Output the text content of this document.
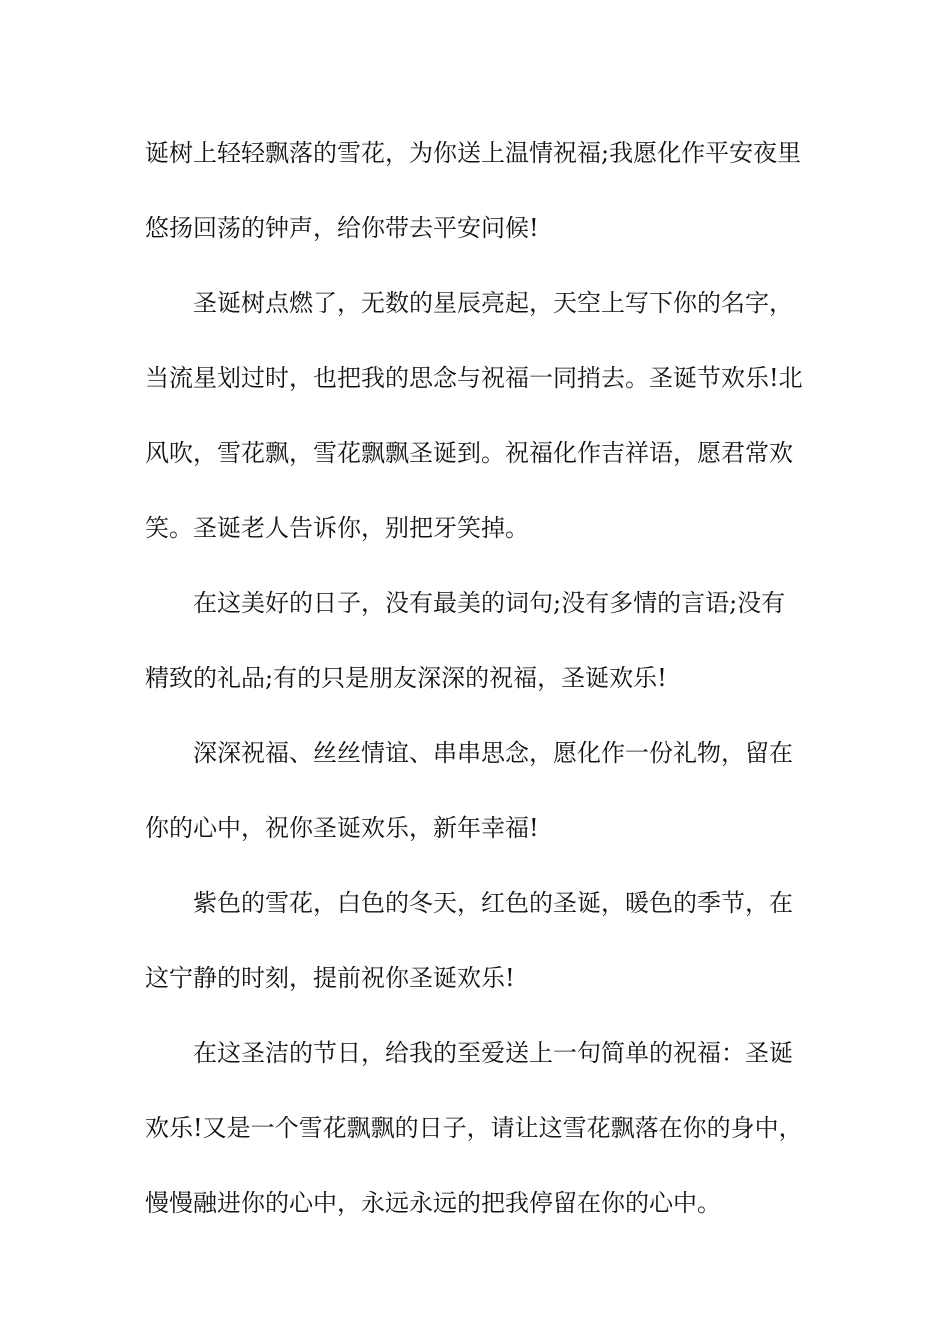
诞树上轻轻飘落的雪花，为你送上温情祝福;我愿化作平安夜里
悠扬回荡的钟声，给你带去平安问候!
圣诞树点燃了，无数的星辰亮起，天空上写下你的名字，
当流星划过时，也把我的思念与祝福一同捎去。圣诞节欢乐!北
风吹，雪花飘，雪花飘飘圣诞到。祝福化作吉祥语，愿君常欢
笑。圣诞老人告诉你，别把牙笑掉。
在这美好的日子，没有最美的词句;没有多情的言语;没有
精致的礼品;有的只是朋友深深的祝福，圣诞欢乐!
深深祝福、丝丝情谊、串串思念，愿化作一份礼物，留在
你的心中，祝你圣诞欢乐，新年幸福!
紫色的雪花，白色的冬天，红色的圣诞，暖色的季节，在
这宁静的时刻，提前祝你圣诞欢乐!
在这圣洁的节日，给我的至爱送上一句简单的祝福：圣诞
欢乐!又是一个雪花飘飘的日子，请让这雪花飘落在你的身中，
慢慢融进你的心中，永远永远的把我停留在你的心中。
